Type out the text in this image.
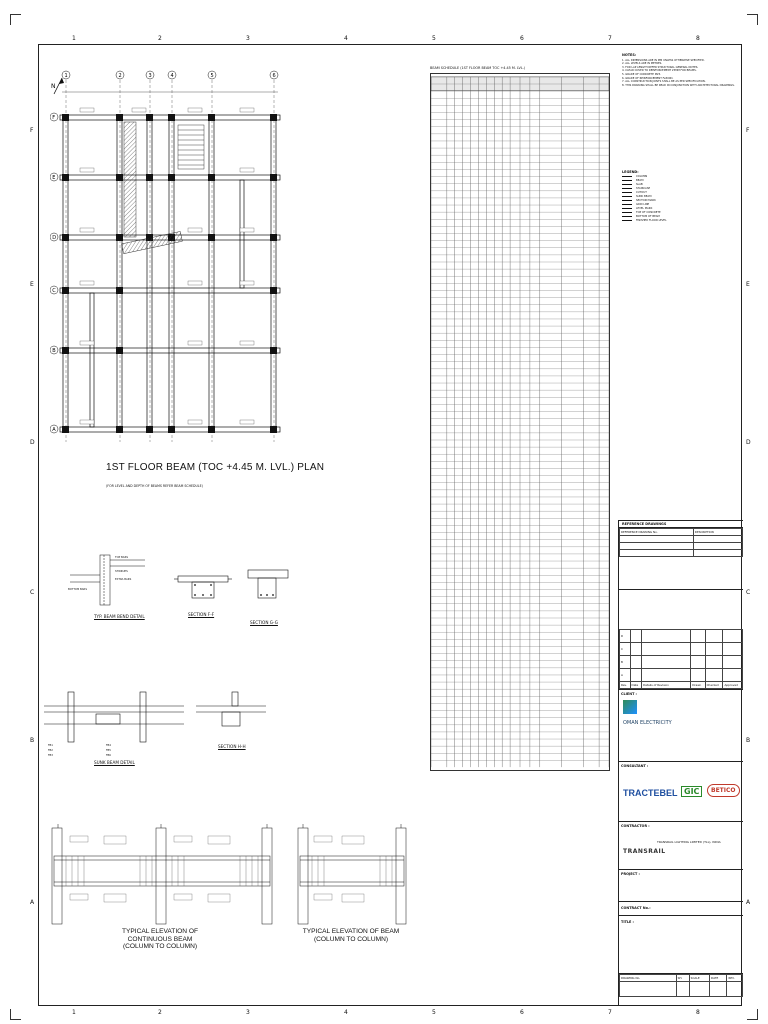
1	2	3	4	5	6	7	8
1	2	3	4	5	6	7	8
F
E
D
C
B
A
F
E
D
C
B
A
N
1	2	3	4	5	6
F
E
D
C
B
A
1ST FLOOR BEAM (TOC +4.45 M. LVL.) PLAN
(FOR LEVEL AND DEPTH OF BEAMS REFER BEAM SCHEDULE)
TOP BARS
STIRRUPS
BOTTOM BARS
EXTRA BARS
TYP. BEAM BEND DETAIL	SECTION F-F
SECTION G-G
FB1
FB2
FB3
FB4
FB5
FB6
SUNK BEAM DETAIL
SECTION H-H
TYPICAL ELEVATION OF CONTINUOUS BEAM
(COLUMN TO COLUMN)
TYPICAL ELEVATION OF BEAM
(COLUMN TO COLUMN)
BEAM SCHEDULE (1ST FLOOR BEAM TOC +4.45 M. LVL.)
NOTES:
1. ALL DIMENSIONS ARE IN MM UNLESS OTHERWISE SPECIFIED.
2. ALL LEVELS ARE IN METRES.
3. FOR LAP LENGTH REFER STRUCTURAL GENERAL NOTES.
4. CLEAR COVER TO REINFORCEMENT 25MM FOR BEAMS.
5. GRADE OF CONCRETE M25.
6. GRADE OF REINFORCEMENT Fe500D.
7. ALL CONSTRUCTION JOINTS SHALL BE AS PER SPECIFICATION.
8. THIS DRAWING SHALL BE READ IN CONJUNCTION WITH ARCHITECTURAL DRAWINGS.
LEGEND:
COLUMN
BEAM
SLAB
STAIRCASE
CUTOUT
SUNK BEAM
SECTION MARK
GRID LINE
LEVEL MARK
TOP OF CONCRETE
BOTTOM OF BEAM
FINISHED FLOOR LEVEL
REFERENCE DRAWINGS
REFERENCE DRAWING No.	DESCRIPTION

D					
C					
B					
A					
Rev.	Date	Details of Revision	Drawn	Checked	Approved
CLIENT :
OMAN ELECTRICITY
CONSULTANT :
TRACTEBEL GIC	BETICO
CONTRACTOR :
TRANSRAIL
TRANSRAIL LIGHTING LIMITED (TLL), INDIA
PROJECT :
CONTRACT No.:
TITLE :
DRAWING No.	SH.	SCALE	DATE	REV.
